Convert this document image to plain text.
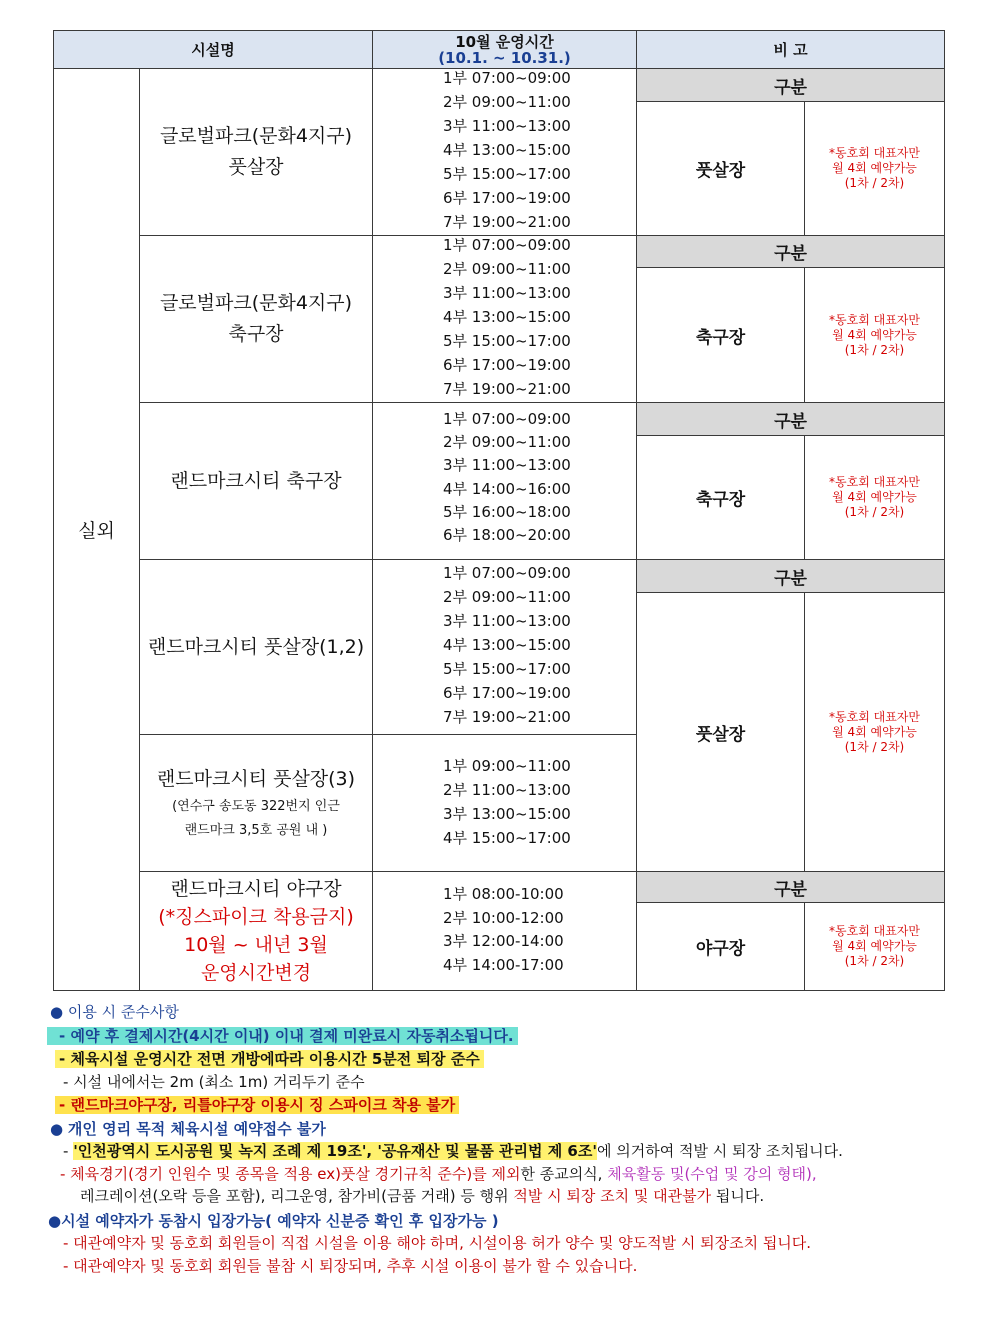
시설명	10월 운영시간
(10.1. ~ 10.31.)	비 고
실외
글로벌파크(문화4지구)
풋살장
글로벌파크(문화4지구)
축구장
랜드마크시티 축구장
랜드마크시티 풋살장(1,2)
랜드마크시티 풋살장(3)
(연수구 송도동 322번지 인근
랜드마크 3,5호 공원 내 )
랜드마크시티 야구장
(*징스파이크 착용금지)
10월 ~ 내년 3월
운영시간변경
1부 07:00~09:00
2부 09:00~11:00
3부 11:00~13:00
4부 13:00~15:00
5부 15:00~17:00
6부 17:00~19:00
7부 19:00~21:00
1부 07:00~09:00
2부 09:00~11:00
3부 11:00~13:00
4부 13:00~15:00
5부 15:00~17:00
6부 17:00~19:00
7부 19:00~21:00
1부 07:00~09:00
2부 09:00~11:00
3부 11:00~13:00
4부 14:00~16:00
5부 16:00~18:00
6부 18:00~20:00
1부 07:00~09:00
2부 09:00~11:00
3부 11:00~13:00
4부 13:00~15:00
5부 15:00~17:00
6부 17:00~19:00
7부 19:00~21:00
1부 09:00~11:00
2부 11:00~13:00
3부 13:00~15:00
4부 15:00~17:00
1부 08:00-10:00
2부 10:00-12:00
3부 12:00-14:00
4부 14:00-17:00
구분
구분
구분
구분
구분
풋살장
축구장
축구장
풋살장
야구장
*동호회 대표자만
월 4회 예약가능
(1차 / 2차)
*동호회 대표자만
월 4회 예약가능
(1차 / 2차)
*동호회 대표자만
월 4회 예약가능
(1차 / 2차)
*동호회 대표자만
월 4회 예약가능
(1차 / 2차)
*동호회 대표자만
월 4회 예약가능
(1차 / 2차)
● 이용 시 준수사항
- 예약 후 결제시간(4시간 이내) 이내 결제 미완료시 자동취소됩니다.
- 체육시설 운영시간 전면 개방에따라 이용시간 5분전 퇴장 준수
- 시설 내에서는 2m (최소 1m) 거리두기 준수
- 랜드마크야구장, 리틀야구장 이용시 징 스파이크 착용 불가
● 개인 영리 목적 체육시설 예약접수 불가
- '인천광역시 도시공원 및 녹지 조례 제 19조', '공유재산 및 물품 관리법 제 6조'에 의거하여 적발 시 퇴장 조치됩니다.
- 체육경기(경기 인원수 및 종목을 적용 ex)풋살 경기규칙 준수)를 제외한 종교의식, 체육활동 및(수업 및 강의 형태),
레크레이션(오락 등을 포함), 리그운영, 참가비(금품 거래) 등 행위 적발 시 퇴장 조치 및 대관불가 됩니다.
●시설 예약자가 동참시 입장가능( 예약자 신분증 확인 후 입장가능 )
- 대관예약자 및 동호회 회원들이 직접 시설을 이용 해야 하며, 시설이용 허가 양수 및 양도적발 시 퇴장조치 됩니다.
- 대관예약자 및 동호회 회원들 불참 시 퇴장되며, 추후 시설 이용이 불가 할 수 있습니다.
